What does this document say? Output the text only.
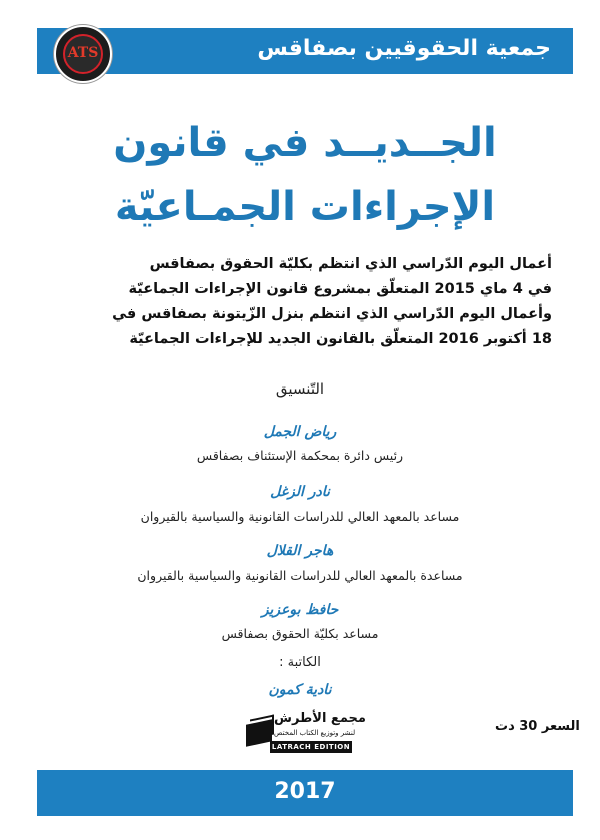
جمعية الحقوقيين بصفاقس
ATS
الجــديــد في قانون
الإجراءات الجمـاعيّة
أعمال اليوم الدّراسي الذي انتظم بكليّة الحقوق بصفاقس
في 4 ماي 2015 المتعلّق بمشروع قانون الإجراءات الجماعيّة
وأعمال اليوم الدّراسي الذي انتظم بنزل الزّيتونة بصفاقس في
18 أكتوبر 2016 المتعلّق بالقانون الجديد للإجراءات الجماعيّة
التّنسيق
رياض الجمل
رئيس دائرة بمحكمة الإستئناف بصفاقس
نادر الزغل
مساعد بالمعهد العالي للدراسات القانونية والسياسية بالقيروان
هاجر القلال
مساعدة بالمعهد العالي للدراسات القانونية والسياسية بالقيروان
حافظ بوعزيز
مساعد بكليّة الحقوق بصفاقس
الكاتبة :
نادية كمون
السعر 30 دت
مجمع الأطرش
لنشر وتوزيع الكتاب المختص
LATRACH EDITION
2017
